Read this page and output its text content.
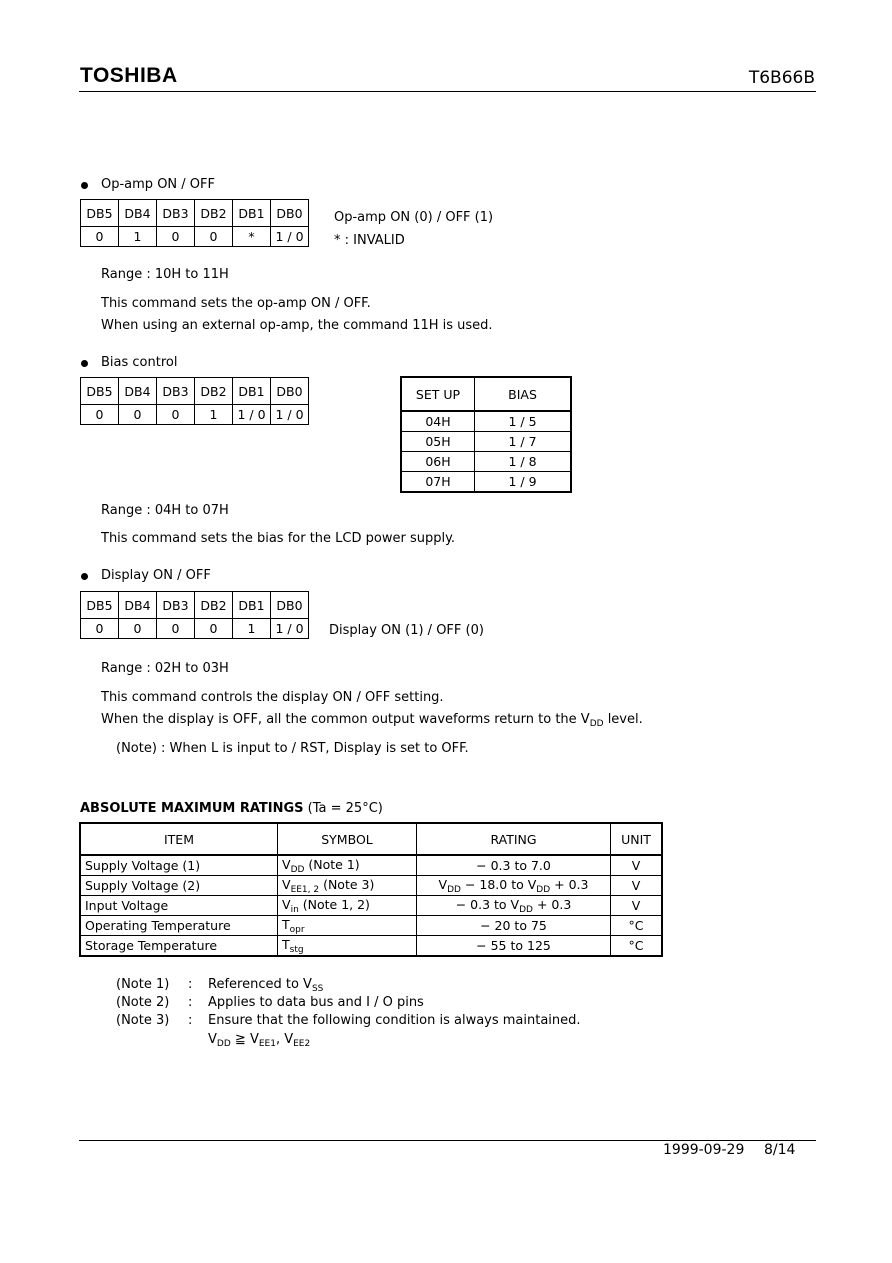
TOSHIBA	T6B66B
Op-amp ON / OFF
DB5	DB4	DB3	DB2	DB1	DB0
0	1	0	0	*	1 / 0
Op-amp ON (0) / OFF (1)
* : INVALID
Range : 10H to 11H
This command sets the op-amp ON / OFF.
When using an external op-amp, the command 11H is used.
Bias control
DB5	DB4	DB3	DB2	DB1	DB0
0	0	0	1	1 / 0	1 / 0
SET UP	BIAS
04H	1 / 5
05H	1 / 7
06H	1 / 8
07H	1 / 9
Range : 04H to 07H
This command sets the bias for the LCD power supply.
Display ON / OFF
DB5	DB4	DB3	DB2	DB1	DB0
0	0	0	0	1	1 / 0 Display ON (1) / OFF (0)
Range : 02H to 03H
This command controls the display ON / OFF setting.
When the display is OFF, all the common output waveforms return to the $V_{DD}$ level.
(Note) : When L is input to / RST, Display is set to OFF.
ABSOLUTE MAXIMUM RATINGS (Ta = 25°C)
ITEM	SYMBOL	RATING	UNIT
Supply Voltage (1)	$V_{DD}$ (Note 1)	− 0.3 to 7.0	V
Supply Voltage (2)	$V_{EE1, 2}$ (Note 3)	$V_{DD} - 18.0$ to $V_{DD} + 0.3$	V
Input Voltage	$V_{in}$ (Note 1, 2)	− 0.3 to $V_{DD} + 0.3$	V
Operating Temperature	$T_{opr}$	− 20 to 75	°C
Storage Temperature	$T_{stg}$	− 55 to 125	°C
(Note 1) : Referenced to $V_{SS}$
(Note 2) : Applies to data bus and I / O pins
(Note 3) : Ensure that the following condition is always maintained.
$V_{DD}$ ≧ $V_{EE1}$, $V_{EE2}$
1999-09-29 8/14
